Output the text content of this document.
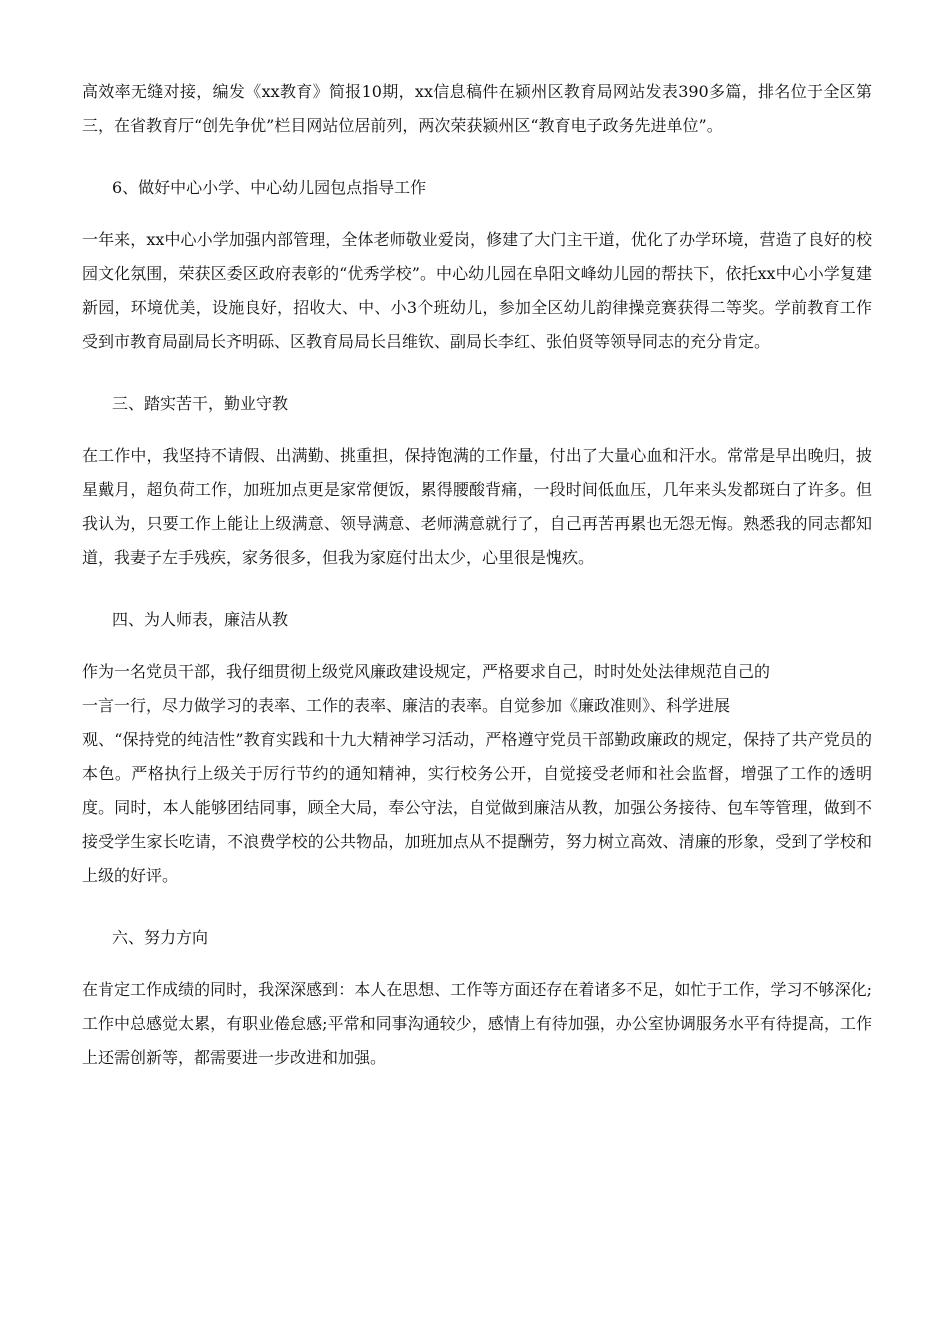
高效率无缝对接，编发《xx教育》简报10期，xx信息稿件在颍州区教育局网站发表390多篇，排名位于全区第三，在省教育厅“创先争优”栏目网站位居前列，两次荣获颍州区“教育电子政务先进单位”。

6、做好中心小学、中心幼儿园包点指导工作

一年来，xx中心小学加强内部管理，全体老师敬业爱岗，修建了大门主干道，优化了办学环境，营造了良好的校园文化氛围，荣获区委区政府表彰的“优秀学校”。中心幼儿园在阜阳文峰幼儿园的帮扶下，依托xx中心小学复建新园，环境优美，设施良好，招收大、中、小3个班幼儿，参加全区幼儿韵律操竞赛获得二等奖。学前教育工作受到市教育局副局长齐明砾、区教育局局长吕维钦、副局长李红、张伯贤等领导同志的充分肯定。

三、踏实苦干，勤业守教

在工作中，我坚持不请假、出满勤、挑重担，保持饱满的工作量，付出了大量心血和汗水。常常是早出晚归，披星戴月，超负荷工作，加班加点更是家常便饭，累得腰酸背痛，一段时间低血压，几年来头发都斑白了许多。但我认为，只要工作上能让上级满意、领导满意、老师满意就行了，自己再苦再累也无怨无悔。熟悉我的同志都知道，我妻子左手残疾，家务很多，但我为家庭付出太少，心里很是愧疚。

四、为人师表，廉洁从教

作为一名党员干部，我仔细贯彻上级党风廉政建设规定，严格要求自己，时时处处法律规范自己的

一言一行，尽力做学习的表率、工作的表率、廉洁的表率。自觉参加《廉政准则》、科学进展

观、“保持党的纯洁性”教育实践和十九大精神学习活动，严格遵守党员干部勤政廉政的规定，保持了共产党员的本色。严格执行上级关于厉行节约的通知精神，实行校务公开，自觉接受老师和社会监督，增强了工作的透明度。同时，本人能够团结同事，顾全大局，奉公守法，自觉做到廉洁从教，加强公务接待、包车等管理，做到不接受学生家长吃请，不浪费学校的公共物品，加班加点从不提酬劳，努力树立高效、清廉的形象，受到了学校和上级的好评。

六、努力方向

在肯定工作成绩的同时，我深深感到：本人在思想、工作等方面还存在着诸多不足，如忙于工作，学习不够深化;工作中总感觉太累，有职业倦怠感;平常和同事沟通较少，感情上有待加强，办公室协调服务水平有待提高，工作上还需创新等，都需要进一步改进和加强。
